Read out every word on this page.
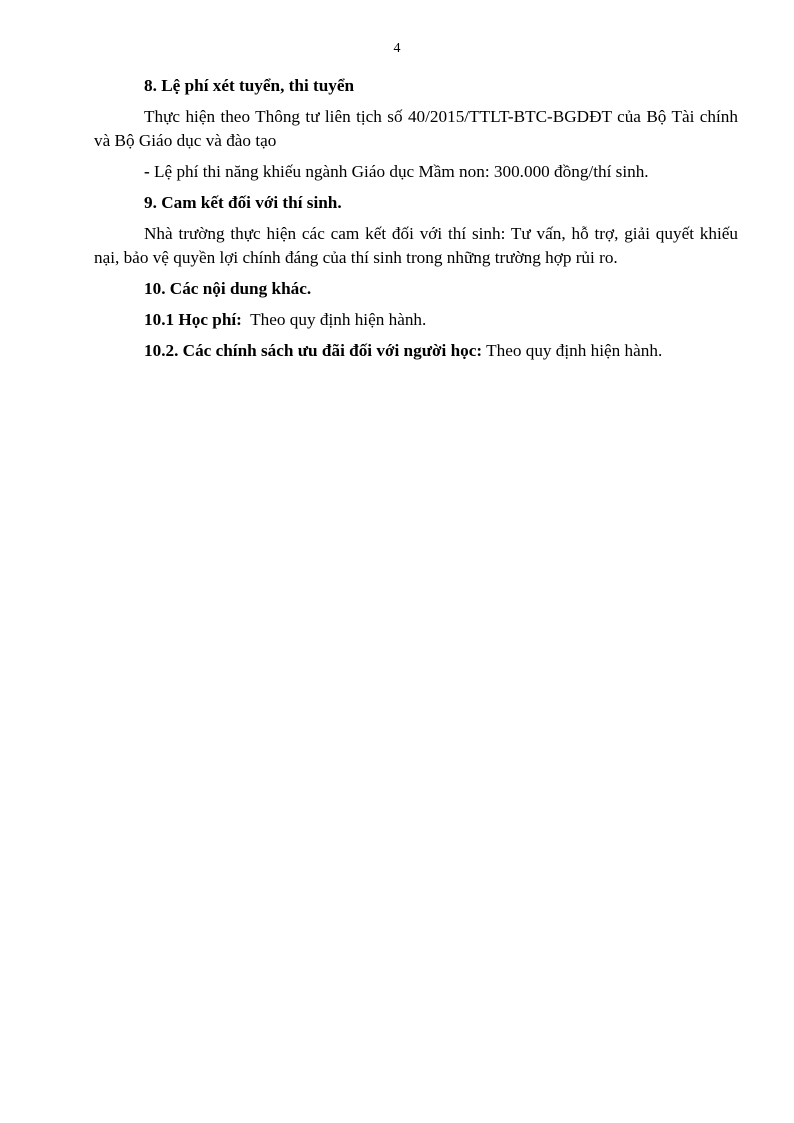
4

8. Lệ phí xét tuyển, thi tuyển

Thực hiện theo Thông tư liên tịch số 40/2015/TTLT-BTC-BGDĐT của Bộ Tài chính và Bộ Giáo dục và đào tạo

- Lệ phí thi năng khiếu ngành Giáo dục Mầm non: 300.000 đồng/thí sinh.

9. Cam kết đối với thí sinh.

Nhà trường thực hiện các cam kết đối với thí sinh: Tư vấn, hỗ trợ, giải quyết khiếu nại, bảo vệ quyền lợi chính đáng của thí sinh trong những trường hợp rủi ro.

10. Các nội dung khác.

10.1 Học phí:  Theo quy định hiện hành.

10.2. Các chính sách ưu đãi đối với người học: Theo quy định hiện hành.
